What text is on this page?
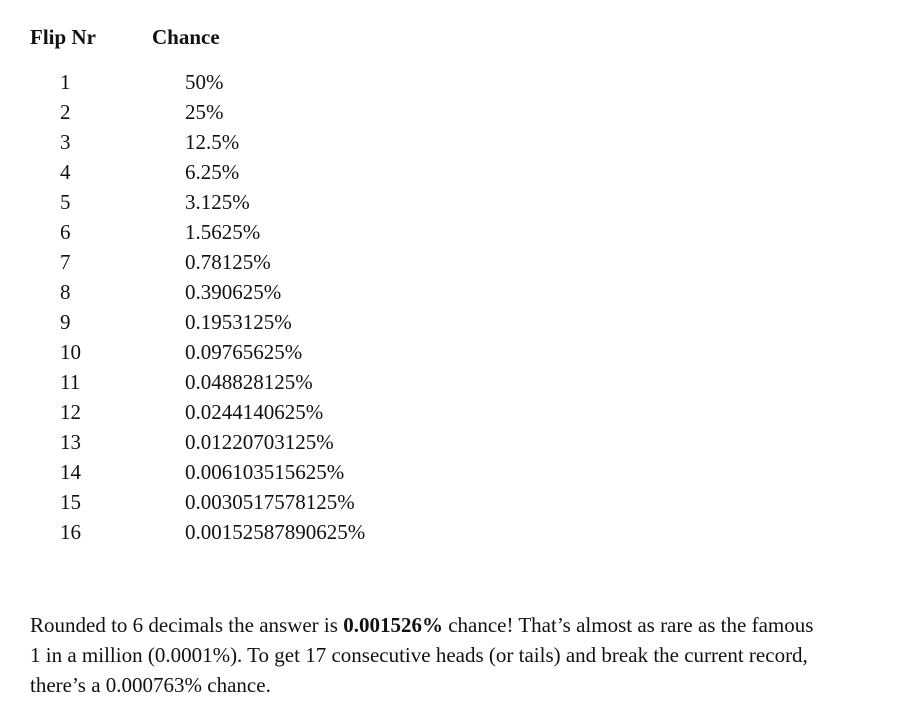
Flip Nr	Chance
1	50%
2	25%
3	12.5%
4	6.25%
5	3.125%
6	1.5625%
7	0.78125%
8	0.390625%
9	0.1953125%
10	0.09765625%
11	0.048828125%
12	0.0244140625%
13	0.01220703125%
14	0.006103515625%
15	0.0030517578125%
16	0.00152587890625%
Rounded to 6 decimals the answer is 0.001526% chance! That’s almost as rare as the famous
1 in a million (0.0001%). To get 17 consecutive heads (or tails) and break the current record,
there’s a 0.000763% chance.
